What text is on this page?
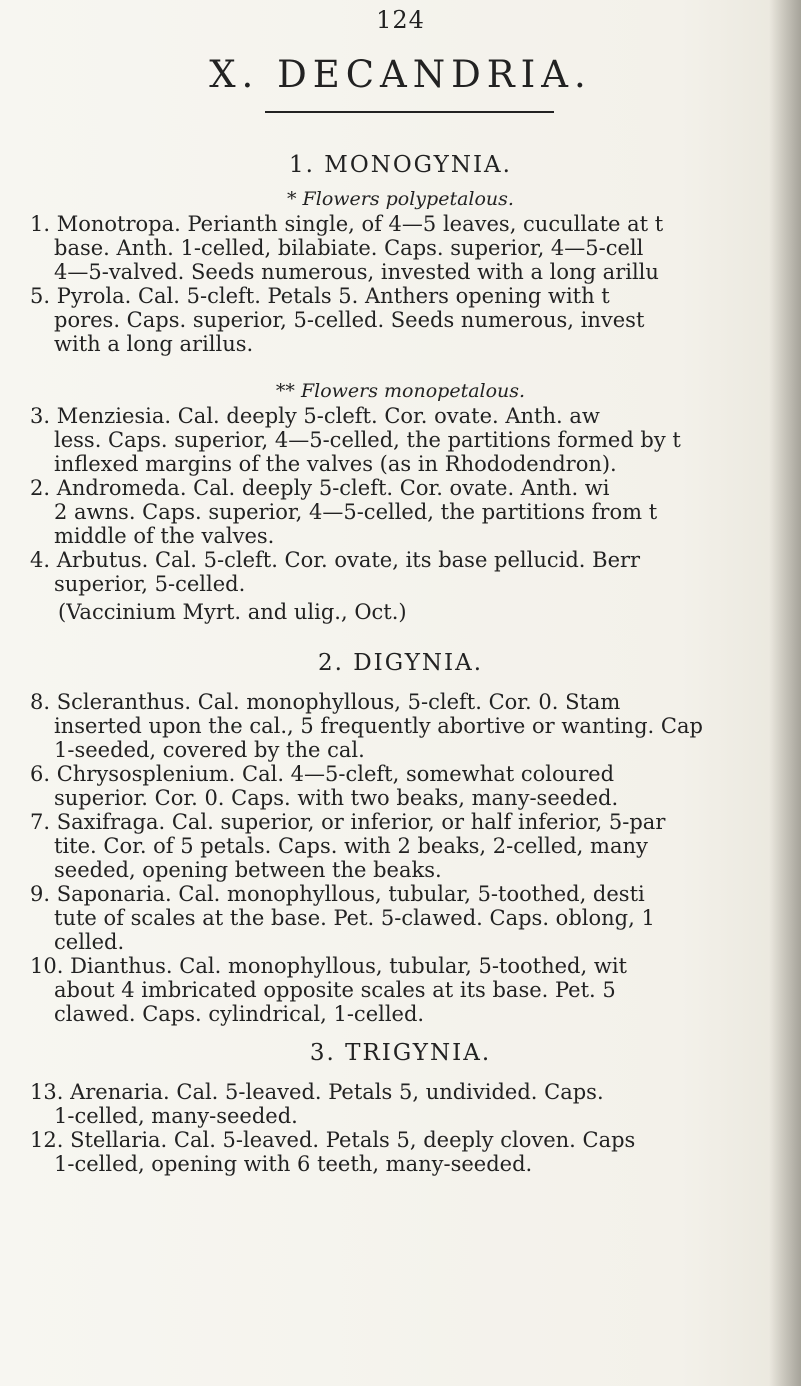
124
X. DECANDRIA.
1. MONOGYNIA.
* Flowers polypetalous.
1. Monotropa. Perianth single, of 4—5 leaves, cucullate at t
base. Anth. 1-celled, bilabiate. Caps. superior, 4—5-cell
4—5-valved. Seeds numerous, invested with a long arillu
5. Pyrola. Cal. 5-cleft. Petals 5. Anthers opening with t
pores. Caps. superior, 5-celled. Seeds numerous, invest
with a long arillus.
** Flowers monopetalous.
3. Menziesia. Cal. deeply 5-cleft. Cor. ovate. Anth. aw
less. Caps. superior, 4—5-celled, the partitions formed by t
inflexed margins of the valves (as in Rhododendron).
2. Andromeda. Cal. deeply 5-cleft. Cor. ovate. Anth. wi
2 awns. Caps. superior, 4—5-celled, the partitions from t
middle of the valves.
4. Arbutus. Cal. 5-cleft. Cor. ovate, its base pellucid. Berr
superior, 5-celled.
(Vaccinium Myrt. and ulig., Oct.)
2. DIGYNIA.
8. Scleranthus. Cal. monophyllous, 5-cleft. Cor. 0. Stam
inserted upon the cal., 5 frequently abortive or wanting. Cap
1-seeded, covered by the cal.
6. Chrysosplenium. Cal. 4—5-cleft, somewhat coloured
superior. Cor. 0. Caps. with two beaks, many-seeded.
7. Saxifraga. Cal. superior, or inferior, or half inferior, 5-par
tite. Cor. of 5 petals. Caps. with 2 beaks, 2-celled, many
seeded, opening between the beaks.
9. Saponaria. Cal. monophyllous, tubular, 5-toothed, desti
tute of scales at the base. Pet. 5-clawed. Caps. oblong, 1
celled.
10. Dianthus. Cal. monophyllous, tubular, 5-toothed, wit
about 4 imbricated opposite scales at its base. Pet. 5
clawed. Caps. cylindrical, 1-celled.
3. TRIGYNIA.
13. Arenaria. Cal. 5-leaved. Petals 5, undivided. Caps.
1-celled, many-seeded.
12. Stellaria. Cal. 5-leaved. Petals 5, deeply cloven. Caps
1-celled, opening with 6 teeth, many-seeded.
